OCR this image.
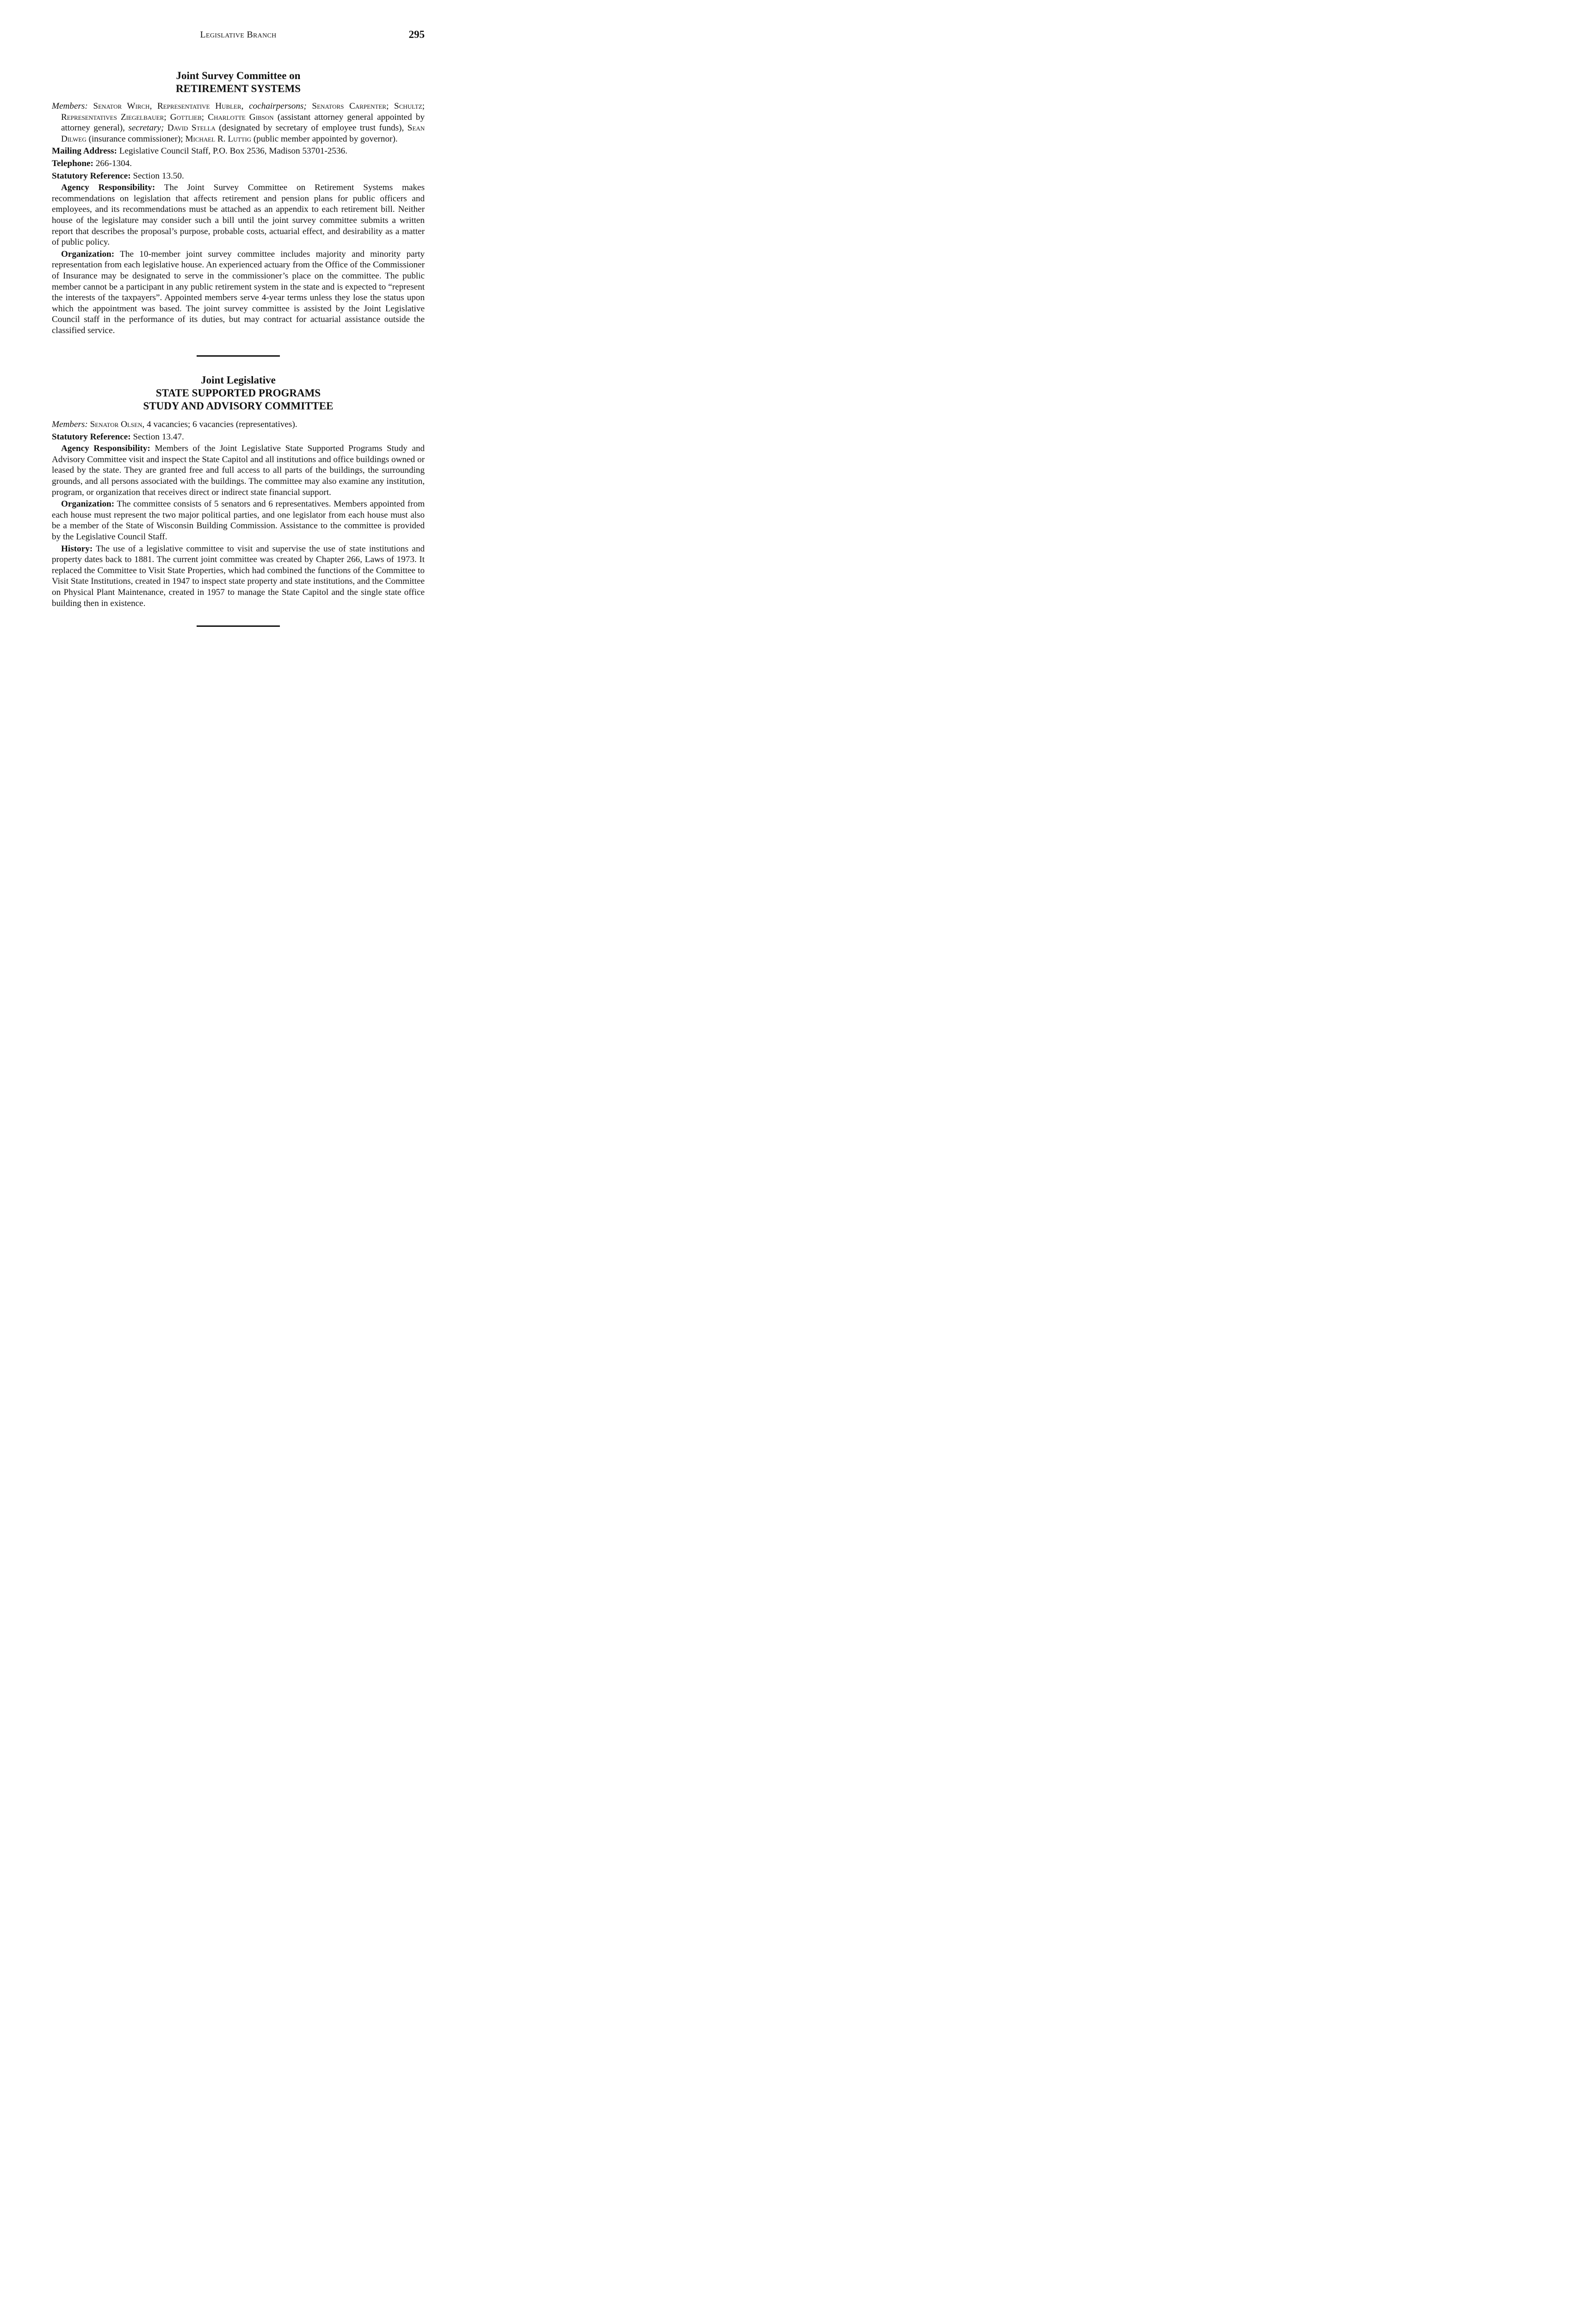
Legislative Branch	295
Joint Survey Committee on
RETIREMENT SYSTEMS
Members: Senator Wirch, Representative Hubler, cochairpersons; Senators Carpenter; Schultz; Representatives Ziegelbauer; Gottlieb; Charlotte Gibson (assistant attorney general appointed by attorney general), secretary; David Stella (designated by secretary of employee trust funds), Sean Dilweg (insurance commissioner); Michael R. Luttig (public member appointed by governor).
Mailing Address: Legislative Council Staff, P.O. Box 2536, Madison 53701-2536.
Telephone: 266-1304.
Statutory Reference: Section 13.50.
Agency Responsibility: The Joint Survey Committee on Retirement Systems makes recommendations on legislation that affects retirement and pension plans for public officers and employees, and its recommendations must be attached as an appendix to each retirement bill. Neither house of the legislature may consider such a bill until the joint survey committee submits a written report that describes the proposal’s purpose, probable costs, actuarial effect, and desirability as a matter of public policy.
Organization: The 10-member joint survey committee includes majority and minority party representation from each legislative house. An experienced actuary from the Office of the Commissioner of Insurance may be designated to serve in the commissioner’s place on the committee. The public member cannot be a participant in any public retirement system in the state and is expected to “represent the interests of the taxpayers”. Appointed members serve 4-year terms unless they lose the status upon which the appointment was based. The joint survey committee is assisted by the Joint Legislative Council staff in the performance of its duties, but may contract for actuarial assistance outside the classified service.
Joint Legislative
STATE SUPPORTED PROGRAMS
STUDY AND ADVISORY COMMITTEE
Members: Senator Olsen, 4 vacancies; 6 vacancies (representatives).
Statutory Reference: Section 13.47.
Agency Responsibility: Members of the Joint Legislative State Supported Programs Study and Advisory Committee visit and inspect the State Capitol and all institutions and office buildings owned or leased by the state. They are granted free and full access to all parts of the buildings, the surrounding grounds, and all persons associated with the buildings. The committee may also examine any institution, program, or organization that receives direct or indirect state financial support.
Organization: The committee consists of 5 senators and 6 representatives. Members appointed from each house must represent the two major political parties, and one legislator from each house must also be a member of the State of Wisconsin Building Commission. Assistance to the committee is provided by the Legislative Council Staff.
History: The use of a legislative committee to visit and supervise the use of state institutions and property dates back to 1881. The current joint committee was created by Chapter 266, Laws of 1973. It replaced the Committee to Visit State Properties, which had combined the functions of the Committee to Visit State Institutions, created in 1947 to inspect state property and state institutions, and the Committee on Physical Plant Maintenance, created in 1957 to manage the State Capitol and the single state office building then in existence.
